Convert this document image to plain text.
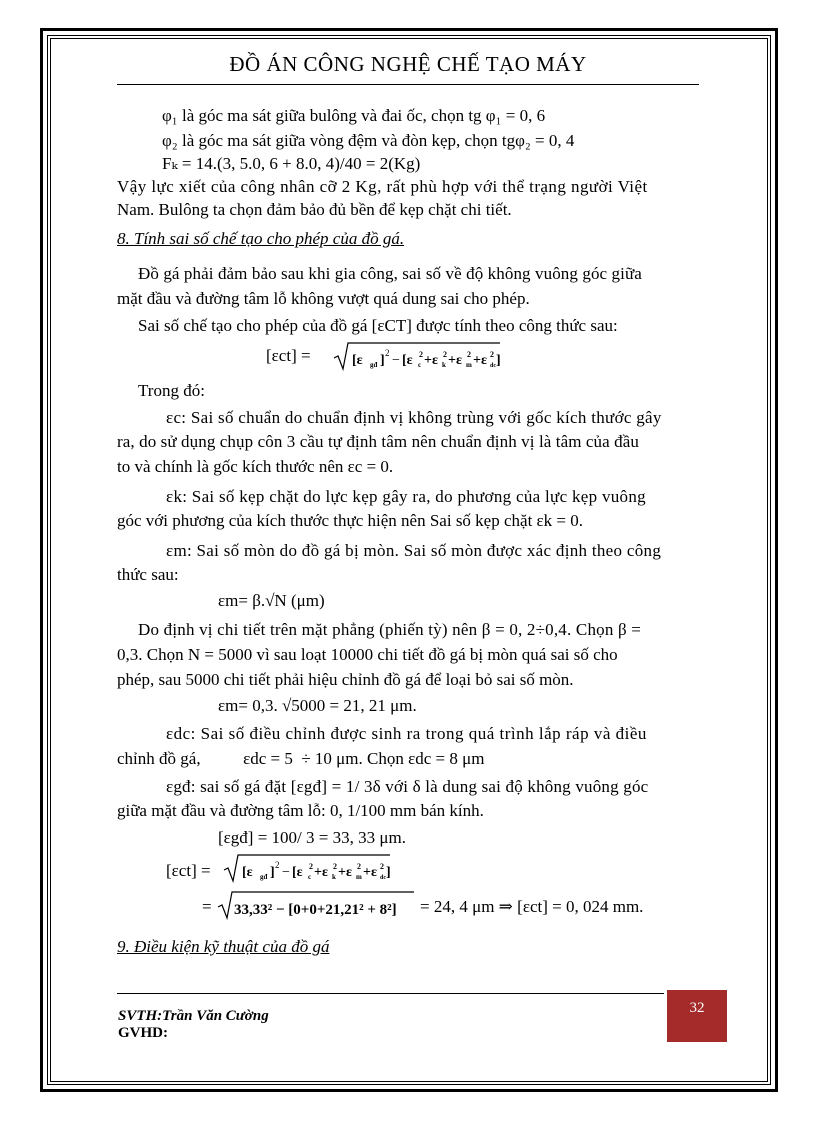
ĐỒ ÁN CÔNG NGHỆ CHẾ TẠO MÁY
φ₁ là góc ma sát giữa bulông và đai ốc, chọn tg φ₁ = 0, 6
φ₂ là góc ma sát giữa vòng đệm và đòn kẹp, chọn tgφ₂ = 0, 4
Fₖ = 14.(3, 5.0, 6 + 8.0, 4)/40 = 2(Kg)
Vậy lực xiết của công nhân cỡ 2 Kg, rất phù hợp với thể trạng người Việt
Nam. Bulông ta chọn đảm bảo đủ bền để kẹp chặt chi tiết.
8. Tính sai số chế tạo cho phép của đồ gá.
Đồ gá phải đảm bảo sau khi gia công, sai số về độ không vuông góc giữa
mặt đầu và đường tâm lỗ không vượt quá dung sai cho phép.
Sai số chế tạo cho phép của đồ gá [εCT] được tính theo công thức sau:
[εct] =	[ε gđ ] 2 − [ε c
2 +ε k
2 +ε m
2 +ε đc
2 ]
Trong đó:
εc: Sai số chuẩn do chuẩn định vị không trùng với gốc kích thước gây
ra, do sử dụng chụp côn 3 cầu tự định tâm nên chuẩn định vị là tâm của đầu
to và chính là gốc kích thước nên εc = 0.
εk: Sai số kẹp chặt do lực kẹp gây ra, do phương của lực kẹp vuông
góc với phương của kích thước thực hiện nên Sai số kẹp chặt εk = 0.
εm: Sai số mòn do đồ gá bị mòn. Sai số mòn được xác định theo công
thức sau:
εm= β.√N (μm)
Do định vị chi tiết trên mặt phẳng (phiến tỳ) nên β = 0, 2÷0,4. Chọn β =
0,3. Chọn N = 5000 vì sau loạt 10000 chi tiết đồ gá bị mòn quá sai số cho
phép, sau 5000 chi tiết phải hiệu chỉnh đồ gá để loại bỏ sai số mòn.
εm= 0,3. √5000 = 21, 21 μm.
εdc: Sai số điều chỉnh được sinh ra trong quá trình lắp ráp và điều
chỉnh đồ gá,          εdc = 5  ÷ 10 μm. Chọn εdc = 8 μm
εgđ: sai số gá đặt [εgđ] = 1/ 3δ với δ là dung sai độ không vuông góc
giữa mặt đầu và đường tâm lỗ: 0, 1/100 mm bán kính.
[εgđ] = 100/ 3 = 33, 33 μm.
[εct] = [ε gđ ] 2 − [ε c
2 +ε k
2 +ε m
2 +ε đc
2 ]
= 33,33² − [0+0+21,21² + 8²] = 24, 4 μm ⇒ [εct] = 0, 024 mm.
9. Điều kiện kỹ thuật của đồ gá
32
SVTH:Trần Văn Cường
GVHD:
